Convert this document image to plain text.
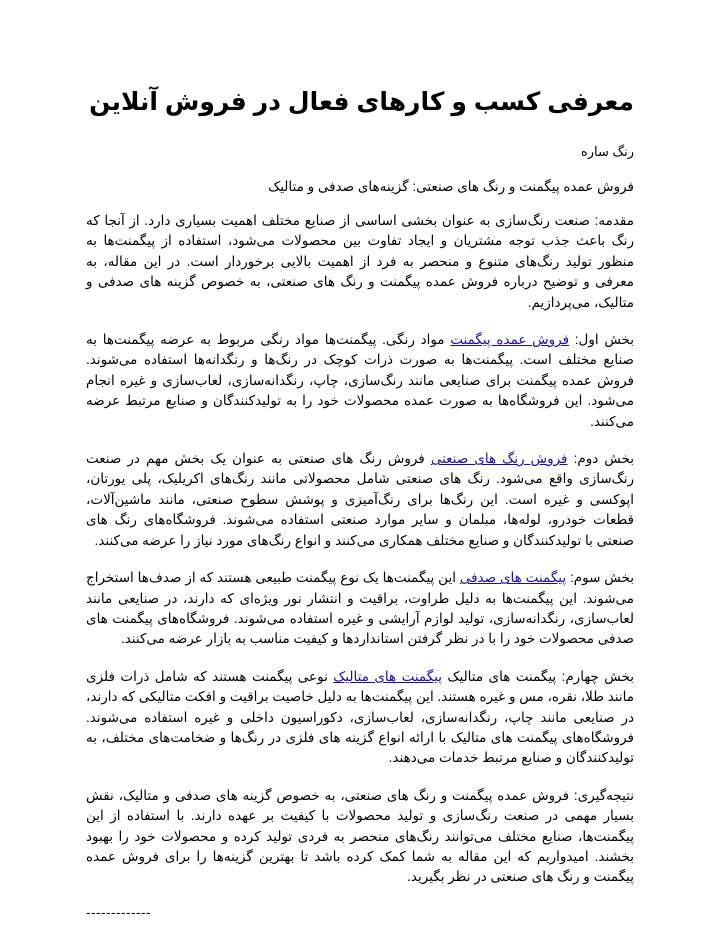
معرفی کسب و کارهای فعال در فروش آنلاین
رنگ ساره
فروش عمده پیگمنت و رنگ های صنعتی: گزینه‌های صدفی و متالیک

مقدمه: صنعت رنگ‌سازی به عنوان بخشی اساسی از صنایع مختلف اهمیت بسیاری دارد. از آنجا که رنگ باعث جذب توجه مشتریان و ایجاد تفاوت بین محصولات می‌شود، استفاده از پیگمنت‌ها به منظور تولید رنگ‌های متنوع و منحصر به فرد از اهمیت بالایی برخوردار است. در این مقاله، به معرفی و توضیح درباره فروش عمده پیگمنت و رنگ های صنعتی، به خصوص گزینه های صدفی و متالیک، می‌پردازیم.

بخش اول: فروش عمده پیگمنت مواد رنگی. پیگمنت‌ها مواد رنگی مربوط به عرضه پیگمنت‌ها به صنایع مختلف است. پیگمنت‌ها به صورت ذرات کوچک در رنگ‌ها و رنگدانه‌ها استفاده می‌شوند. فروش عمده پیگمنت برای صنایعی مانند رنگ‌سازی، چاپ، رنگدانه‌سازی، لعاب‌سازی و غیره انجام می‌شود. این فروشگاه‌ها به صورت عمده محصولات خود را به تولیدکنندگان و صنایع مرتبط عرضه می‌کنند.

بخش دوم: فروش رنگ های صنعتی فروش رنگ های صنعتی به عنوان یک بخش مهم در صنعت رنگ‌سازی واقع می‌شود. رنگ های صنعتی شامل محصولاتی مانند رنگ‌های اکریلیک، پلی یورتان، اپوکسی و غیره است. این رنگ‌ها برای رنگ‌آمیزی و پوشش سطوح صنعتی، مانند ماشین‌آلات، قطعات خودرو، لوله‌ها، مبلمان و سایر موارد صنعتی استفاده می‌شوند. فروشگاه‌های رنگ های صنعتی با تولیدکنندگان و صنایع مختلف همکاری می‌کنند و انواع رنگ‌های مورد نیاز را عرضه می‌کنند.

بخش سوم: پیگمنت های صدفی این پیگمنت‌ها یک نوع پیگمنت طبیعی هستند که از صدف‌ها استخراج می‌شوند. این پیگمنت‌ها به دلیل طراوت، براقیت و انتشار نور ویژه‌ای که دارند، در صنایعی مانند لعاب‌سازی، رنگدانه‌سازی، تولید لوازم آرایشی و غیره استفاده می‌شوند. فروشگاه‌های پیگمنت های صدفی محصولات خود را با در نظر گرفتن استانداردها و کیفیت مناسب به بازار عرضه می‌کنند.

بخش چهارم: پیگمنت های متالیک پیگمنت های متالیک نوعی پیگمنت هستند که شامل ذرات فلزی مانند طلا، نقره، مس و غیره هستند. این پیگمنت‌ها به دلیل خاصیت براقیت و افکت متالیکی که دارند، در صنایعی مانند چاپ، رنگدانه‌سازی، لعاب‌سازی، دکوراسیون داخلی و غیره استفاده می‌شوند. فروشگاه‌های پیگمنت های متالیک با ارائه انواع گزینه های فلزی در رنگ‌ها و ضخامت‌های مختلف، به تولیدکنندگان و صنایع مرتبط خدمات می‌دهند.

نتیجه‌گیری: فروش عمده پیگمنت و رنگ های صنعتی، به خصوص گزینه های صدفی و متالیک، نقش بسیار مهمی در صنعت رنگ‌سازی و تولید محصولات با کیفیت بر عهده دارند. با استفاده از این پیگمنت‌ها، صنایع مختلف می‌توانند رنگ‌های منحصر به فردی تولید کرده و محصولات خود را بهبود بخشند. امیدواریم که این مقاله به شما کمک کرده باشد تا بهترین گزینه‌ها را برای فروش عمده پیگمنت و رنگ های صنعتی در نظر بگیرید.

-------------
